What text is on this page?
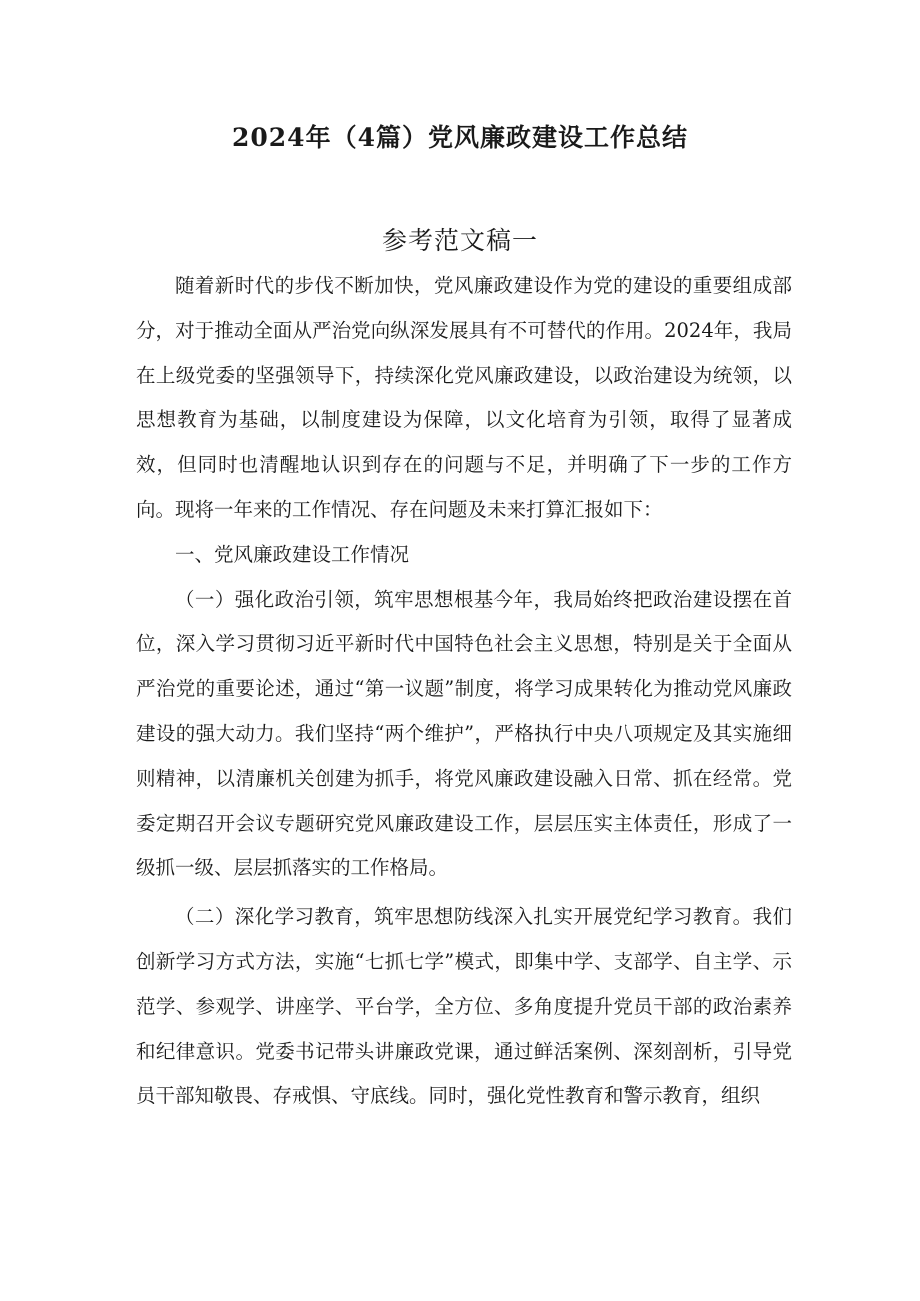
2024年（4篇）党风廉政建设工作总结
参考范文稿一

随着新时代的步伐不断加快，党风廉政建设作为党的建设的重要组成部分，对于推动全面从严治党向纵深发展具有不可替代的作用。2024年，我局在上级党委的坚强领导下，持续深化党风廉政建设，以政治建设为统领，以思想教育为基础，以制度建设为保障，以文化培育为引领，取得了显著成效，但同时也清醒地认识到存在的问题与不足，并明确了下一步的工作方向。现将一年来的工作情况、存在问题及未来打算汇报如下：

一、党风廉政建设工作情况

（一）强化政治引领，筑牢思想根基今年，我局始终把政治建设摆在首位，深入学习贯彻习近平新时代中国特色社会主义思想，特别是关于全面从严治党的重要论述，通过“第一议题”制度，将学习成果转化为推动党风廉政建设的强大动力。我们坚持“两个维护”，严格执行中央八项规定及其实施细则精神，以清廉机关创建为抓手，将党风廉政建设融入日常、抓在经常。党委定期召开会议专题研究党风廉政建设工作，层层压实主体责任，形成了一级抓一级、层层抓落实的工作格局。

（二）深化学习教育，筑牢思想防线深入扎实开展党纪学习教育。我们创新学习方式方法，实施“七抓七学”模式，即集中学、支部学、自主学、示范学、参观学、讲座学、平台学，全方位、多角度提升党员干部的政治素养和纪律意识。党委书记带头讲廉政党课，通过鲜活案例、深刻剖析，引导党员干部知敬畏、存戒惧、守底线。同时，强化党性教育和警示教育，组织
